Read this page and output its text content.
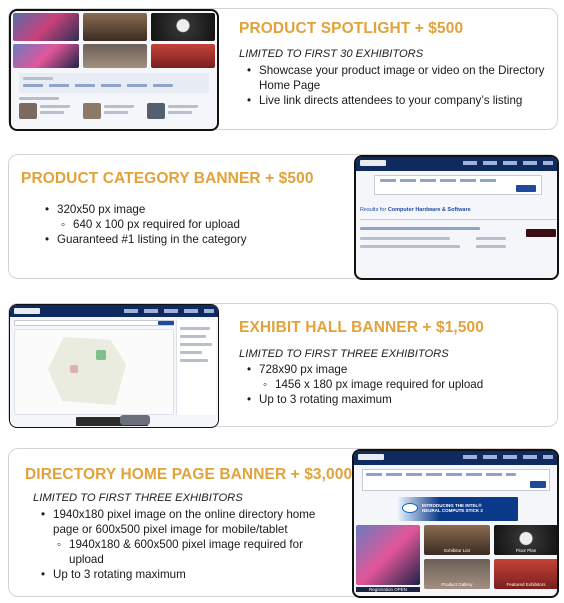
PRODUCT SPOTLIGHT + $500
LIMITED TO FIRST 30 EXHIBITORS
• Showcase your product image or video on the Directory Home Page
• Live link directs attendees to your company’s listing
PRODUCT CATEGORY BANNER + $500
• 320x50 px image
◦ 640 x 100 px required for upload
• Guaranteed #1 listing in the category
Results for Computer Hardware & Software
EXHIBIT HALL BANNER + $1,500
LIMITED TO FIRST THREE EXHIBITORS
• 728x90 px image
◦ 1456 x 180 px image required for upload
• Up to 3 rotating maximum
DIRECTORY HOME PAGE BANNER + $3,000
LIMITED TO FIRST THREE EXHIBITORS
• 1940x180 pixel image on the online directory home page or 600x500 pixel image for mobile/tablet
◦ 1940x180 & 600x500 pixel image required for upload
• Up to 3 rotating maximum
INTRODUCING THE INTEL® NEURAL COMPUTE STICK 2
Exhibitor List	Floor Plan
Product Gallery	Featured Exhibitors
Registration OPEN
